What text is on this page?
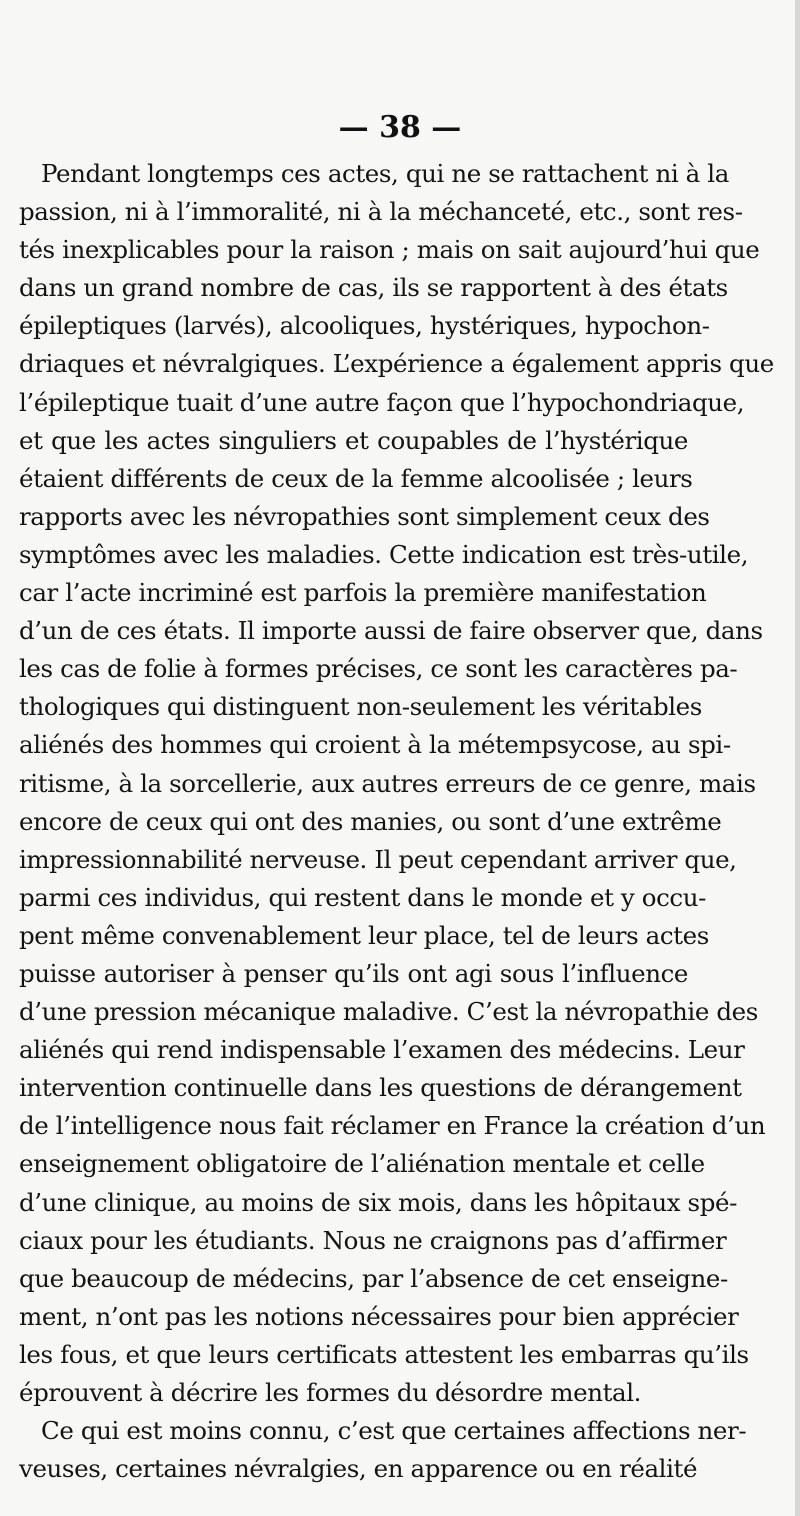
— 38 —

Pendant longtemps ces actes, qui ne se rattachent ni à la
passion, ni à l’immoralité, ni à la méchanceté, etc., sont res-
tés inexplicables pour la raison ; mais on sait aujourd’hui que
dans un grand nombre de cas, ils se rapportent à des états
épileptiques (larvés), alcooliques, hystériques, hypochon-
driaques et névralgiques. L’expérience a également appris que
l’épileptique tuait d’une autre façon que l’hypochondriaque,
et que les actes singuliers et coupables de l’hystérique
étaient différents de ceux de la femme alcoolisée ; leurs
rapports avec les névropathies sont simplement ceux des
symptômes avec les maladies. Cette indication est très-utile,
car l’acte incriminé est parfois la première manifestation
d’un de ces états. Il importe aussi de faire observer que, dans
les cas de folie à formes précises, ce sont les caractères pa-
thologiques qui distinguent non-seulement les véritables
aliénés des hommes qui croient à la métempsycose, au spi-
ritisme, à la sorcellerie, aux autres erreurs de ce genre, mais
encore de ceux qui ont des manies, ou sont d’une extrême
impressionnabilité nerveuse. Il peut cependant arriver que,
parmi ces individus, qui restent dans le monde et y occu-
pent même convenablement leur place, tel de leurs actes
puisse autoriser à penser qu’ils ont agi sous l’influence
d’une pression mécanique maladive. C’est la névropathie des
aliénés qui rend indispensable l’examen des médecins. Leur
intervention continuelle dans les questions de dérangement
de l’intelligence nous fait réclamer en France la création d’un
enseignement obligatoire de l’aliénation mentale et celle
d’une clinique, au moins de six mois, dans les hôpitaux spé-
ciaux pour les étudiants. Nous ne craignons pas d’affirmer
que beaucoup de médecins, par l’absence de cet enseigne-
ment, n’ont pas les notions nécessaires pour bien apprécier
les fous, et que leurs certificats attestent les embarras qu’ils
éprouvent à décrire les formes du désordre mental.
Ce qui est moins connu, c’est que certaines affections ner-
veuses, certaines névralgies, en apparence ou en réalité
